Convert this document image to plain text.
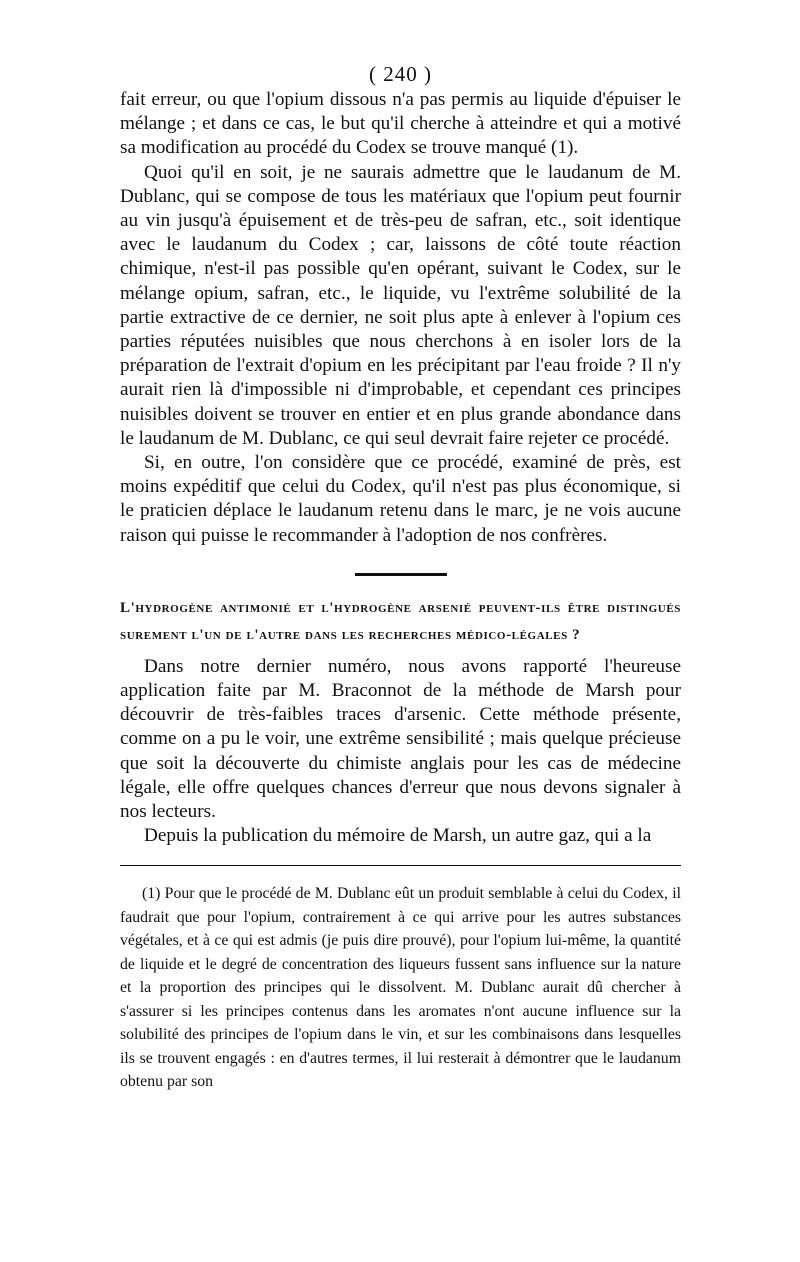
( 240 )

fait erreur, ou que l'opium dissous n'a pas permis au liquide d'épuiser le mélange ; et dans ce cas, le but qu'il cherche à atteindre et qui a motivé sa modification au procédé du Codex se trouve manqué (1).

Quoi qu'il en soit, je ne saurais admettre que le laudanum de M. Dublanc, qui se compose de tous les matériaux que l'opium peut fournir au vin jusqu'à épuisement et de très-peu de safran, etc., soit identique avec le laudanum du Codex ; car, laissons de côté toute réaction chimique, n'est-il pas possible qu'en opérant, suivant le Codex, sur le mélange opium, safran, etc., le liquide, vu l'extrême solubilité de la partie extractive de ce dernier, ne soit plus apte à enlever à l'opium ces parties réputées nuisibles que nous cherchons à en isoler lors de la préparation de l'extrait d'opium en les précipitant par l'eau froide ? Il n'y aurait rien là d'impossible ni d'improbable, et cependant ces principes nuisibles doivent se trouver en entier et en plus grande abondance dans le laudanum de M. Dublanc, ce qui seul devrait faire rejeter ce procédé.

Si, en outre, l'on considère que ce procédé, examiné de près, est moins expéditif que celui du Codex, qu'il n'est pas plus économique, si le praticien déplace le laudanum retenu dans le marc, je ne vois aucune raison qui puisse le recommander à l'adoption de nos confrères.

L'hydrogène antimonié et l'hydrogène arsenié peuvent-ils être distingués surement l'un de l'autre dans les recherches médico-légales ?

Dans notre dernier numéro, nous avons rapporté l'heureuse application faite par M. Braconnot de la méthode de Marsh pour découvrir de très-faibles traces d'arsenic. Cette méthode présente, comme on a pu le voir, une extrême sensibilité ; mais quelque précieuse que soit la découverte du chimiste anglais pour les cas de médecine légale, elle offre quelques chances d'erreur que nous devons signaler à nos lecteurs.

Depuis la publication du mémoire de Marsh, un autre gaz, qui a la

(1) Pour que le procédé de M. Dublanc eût un produit semblable à celui du Codex, il faudrait que pour l'opium, contrairement à ce qui arrive pour les autres substances végétales, et à ce qui est admis (je puis dire prouvé), pour l'opium lui-même, la quantité de liquide et le degré de concentration des liqueurs fussent sans influence sur la nature et la proportion des principes qui le dissolvent. M. Dublanc aurait dû chercher à s'assurer si les principes contenus dans les aromates n'ont aucune influence sur la solubilité des principes de l'opium dans le vin, et sur les combinaisons dans lesquelles ils se trouvent engagés : en d'autres termes, il lui resterait à démontrer que le laudanum obtenu par son
